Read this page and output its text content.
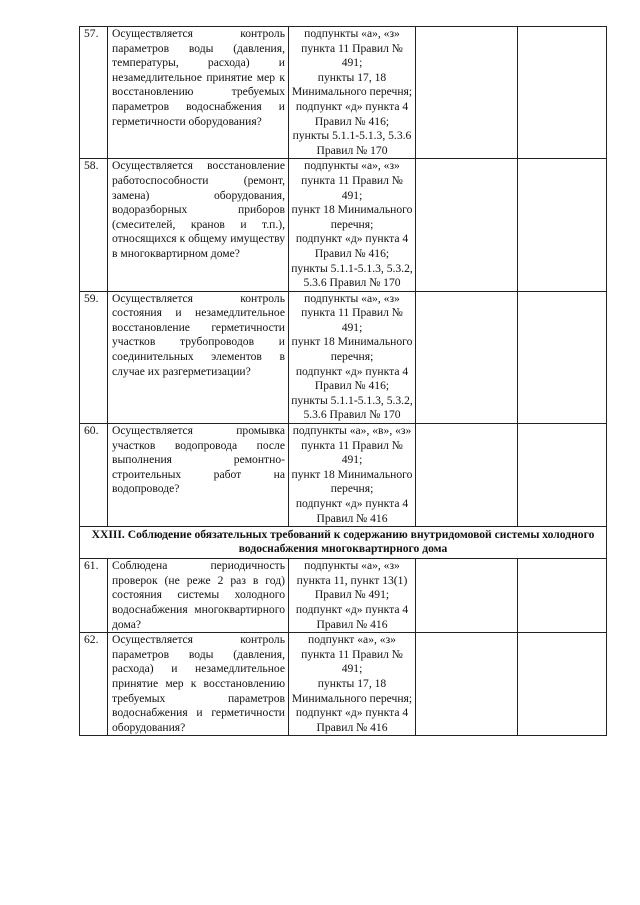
57.	Осуществляется контроль параметров воды (давления, температуры, расхода) и незамедлительное принятие мер к восстановлению требуемых параметров водоснабжения и герметичности оборудования?	подпункты «а», «з» пункта 11 Правил № 491;
пункты 17, 18 Минимального перечня;
подпункт «д» пункта 4 Правил № 416;
пункты 5.1.1-5.1.3, 5.3.6 Правил № 170		

58.	Осуществляется восстановление работоспособности (ремонт, замена) оборудования, водоразборных приборов (смесителей, кранов и т.п.), относящихся к общему имуществу в многоквартирном доме?	подпункты «а», «з» пункта 11 Правил № 491;
пункт 18 Минимального перечня;
подпункт «д» пункта 4 Правил № 416;
пункты 5.1.1-5.1.3, 5.3.2, 5.3.6 Правил № 170		

59.	Осуществляется контроль состояния и незамедлительное восстановление герметичности участков трубопроводов и соединительных элементов в случае их разгерметизации?	подпункты «а», «з» пункта 11 Правил № 491;
пункт 18 Минимального перечня;
подпункт «д» пункта 4 Правил № 416;
пункты 5.1.1-5.1.3, 5.3.2, 5.3.6 Правил № 170		

60.	Осуществляется промывка участков водопровода после выполнения ремонтно-строительных работ на водопроводе?	подпункты «а», «в», «з» пункта 11 Правил № 491;
пункт 18 Минимального перечня;
подпункт «д» пункта 4 Правил № 416		

XXIII. Соблюдение обязательных требований к содержанию внутридомовой системы холодного водоснабжения многоквартирного дома				
61.	Соблюдена периодичность проверок (не реже 2 раз в год) состояния системы холодного водоснабжения многоквартирного дома?	подпункты «а», «з» пункта 11, пункт 13(1) Правил № 491;
подпункт «д» пункта 4 Правил № 416		

62.	Осуществляется контроль параметров воды (давления, расхода) и незамедлительное принятие мер к восстановлению требуемых параметров водоснабжения и герметичности оборудования?	подпункт «а», «з» пункта 11 Правил № 491;
пункты 17, 18 Минимального перечня;
подпункт «д» пункта 4 Правил № 416		
